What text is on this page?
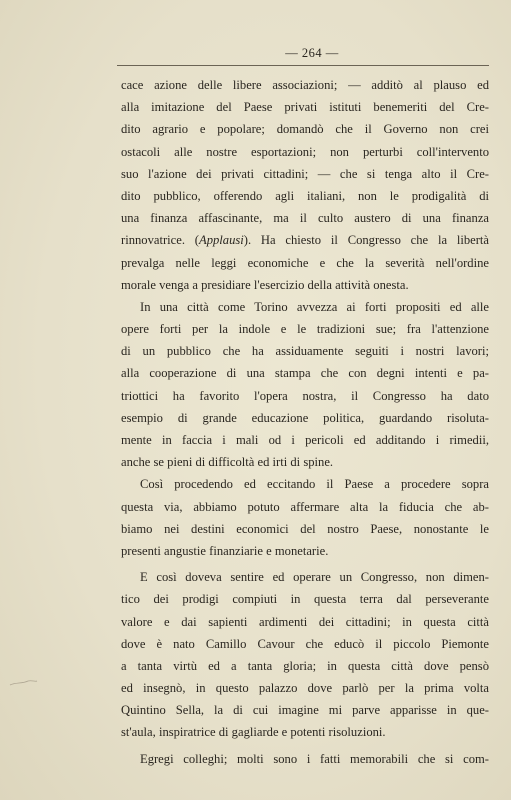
— 264 —
cace azione delle libere associazioni; — additò al plauso ed
alla imitazione del Paese privati istituti benemeriti del Cre-
dito agrario e popolare; domandò che il Governo non crei
ostacoli alle nostre esportazioni; non perturbi coll'intervento
suo l'azione dei privati cittadini; — che si tenga alto il Cre-
dito pubblico, offerendo agli italiani, non le prodigalità di
una finanza affascinante, ma il culto austero di una finanza
rinnovatrice. (Applausi). Ha chiesto il Congresso che la libertà
prevalga nelle leggi economiche e che la severità nell'ordine
morale venga a presidiare l'esercizio della attività onesta.
In una città come Torino avvezza ai forti propositi ed alle
opere forti per la indole e le tradizioni sue; fra l'attenzione
di un pubblico che ha assiduamente seguiti i nostri lavori;
alla cooperazione di una stampa che con degni intenti e pa-
triottici ha favorito l'opera nostra, il Congresso ha dato
esempio di grande educazione politica, guardando risoluta-
mente in faccia i mali od i pericoli ed additando i rimedii,
anche se pieni di difficoltà ed irti di spine.
Così procedendo ed eccitando il Paese a procedere sopra
questa via, abbiamo potuto affermare alta la fiducia che ab-
biamo nei destini economici del nostro Paese, nonostante le
presenti angustie finanziarie e monetarie.
E così doveva sentire ed operare un Congresso, non dimen-
tico dei prodigi compiuti in questa terra dal perseverante
valore e dai sapienti ardimenti dei cittadini; in questa città
dove è nato Camillo Cavour che educò il piccolo Piemonte
a tanta virtù ed a tanta gloria; in questa città dove pensò
ed insegnò, in questo palazzo dove parlò per la prima volta
Quintino Sella, la di cui imagine mi parve apparisse in que-
st'aula, inspiratrice di gagliarde e potenti risoluzioni.
Egregi colleghi; molti sono i fatti memorabili che si com-
